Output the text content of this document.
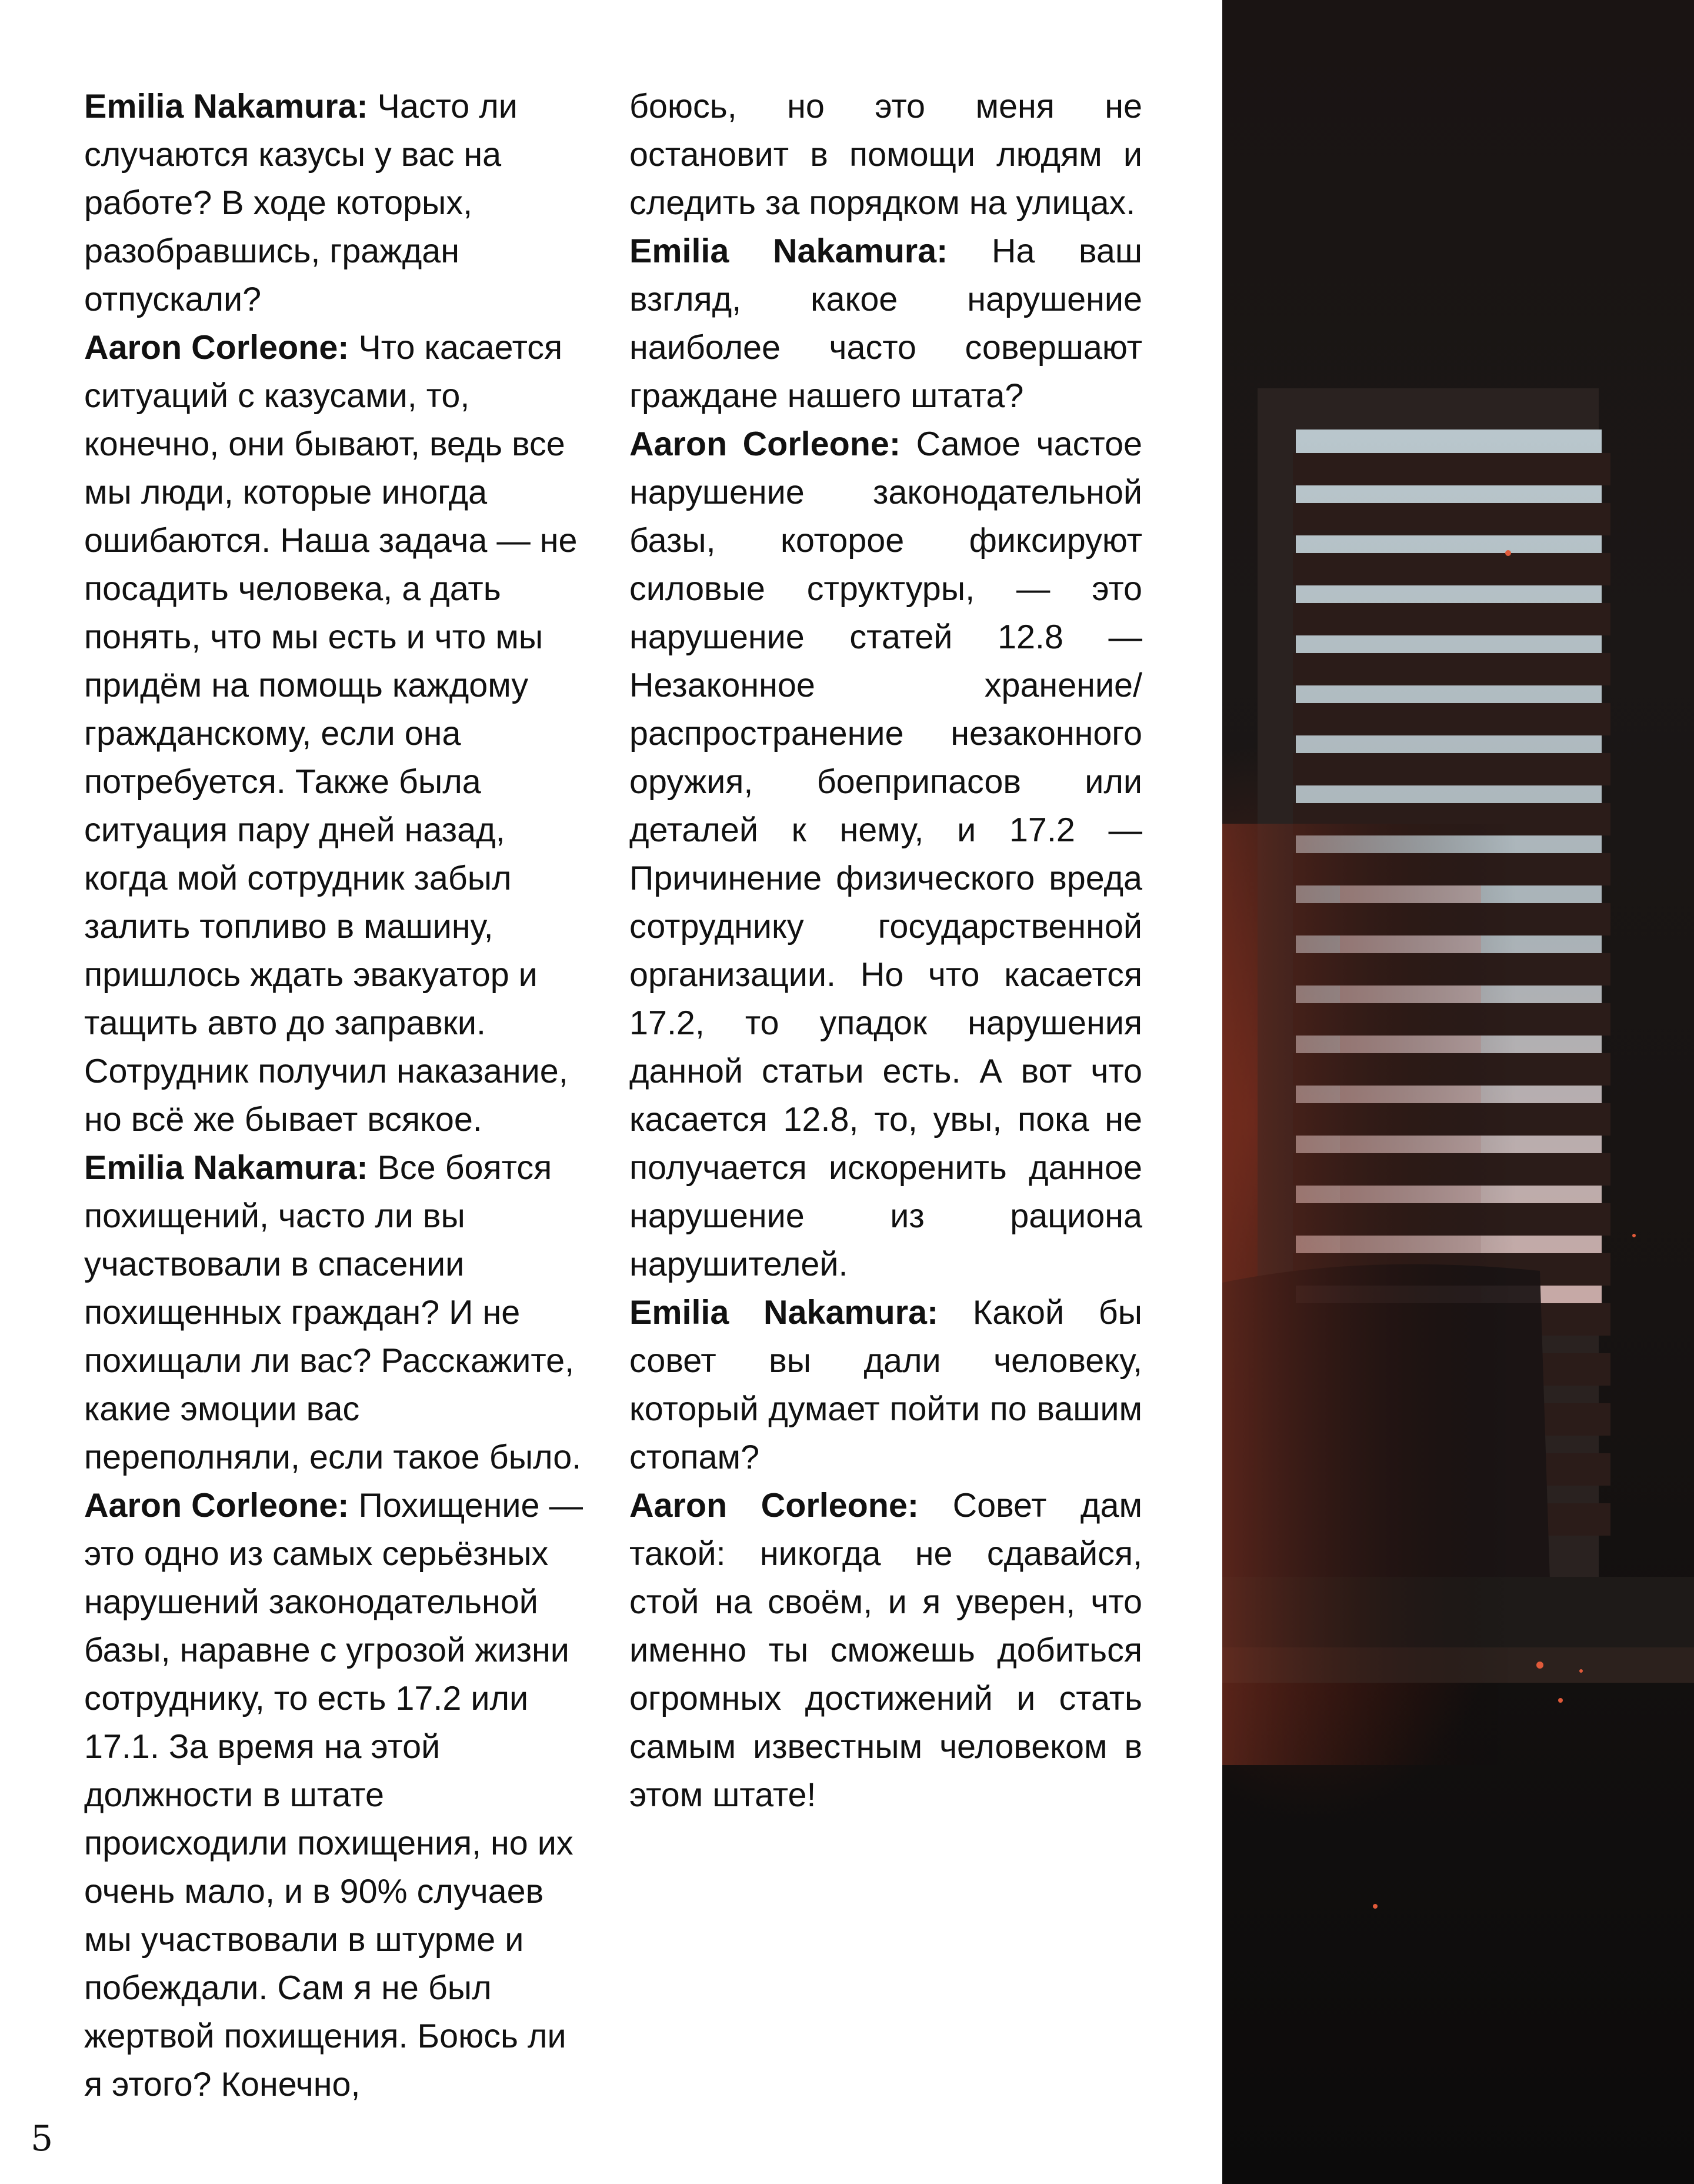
Emilia Nakamura: Часто ли случаются казусы у вас на работе? В ходе которых, разобравшись, граждан отпускали?

Aaron Corleone: Что касается ситуаций с казусами, то, конечно, они бывают, ведь все мы люди, которые иногда ошибаются. Наша задача — не посадить человека, а дать понять, что мы есть и что мы придём на помощь каждому гражданскому, если она потребуется. Также была ситуация пару дней назад, когда мой сотрудник забыл залить топливо в машину, пришлось ждать эвакуатор и тащить авто до заправки. Сотрудник получил наказание, но всё же бывает всякое.

Emilia Nakamura: Все боятся похищений, часто ли вы участвовали в спасении похищенных граждан? И не похищали ли вас? Расскажите, какие эмоции вас переполняли, если такое было.

Aaron Corleone: Похищение — это одно из самых серьёзных нарушений законодательной базы, наравне с угрозой жизни сотруднику, то есть 17.2 или 17.1. За время на этой должности в штате происходили похищения, но их очень мало, и в 90% случаев мы участвовали в штурме и побеждали. Сам я не был жертвой похищения. Боюсь ли я этого? Конечно,

боюсь, но это меня не остановит в помощи людям и следить за порядком на улицах.

Emilia Nakamura: На ваш взгляд, какое нарушение наиболее часто совершают граждане нашего штата?

Aaron Corleone: Самое частое нарушение законодательной базы, которое фиксируют силовые структуры, — это нарушение статей 12.8 — Незаконное хранение/распространение незаконного оружия, боеприпасов или деталей к нему, и 17.2 — Причинение физического вреда сотруднику государственной организации. Но что касается 17.2, то упадок нарушения данной статьи есть. А вот что касается 12.8, то, увы, пока не получается искоренить данное нарушение из рациона нарушителей.

Emilia Nakamura: Какой бы совет вы дали человеку, который думает пойти по вашим стопам?

Aaron Corleone: Совет дам такой: никогда не сдавайся, стой на своём, и я уверен, что именно ты сможешь добиться огромных достижений и стать самым известным человеком в этом штате!

5
